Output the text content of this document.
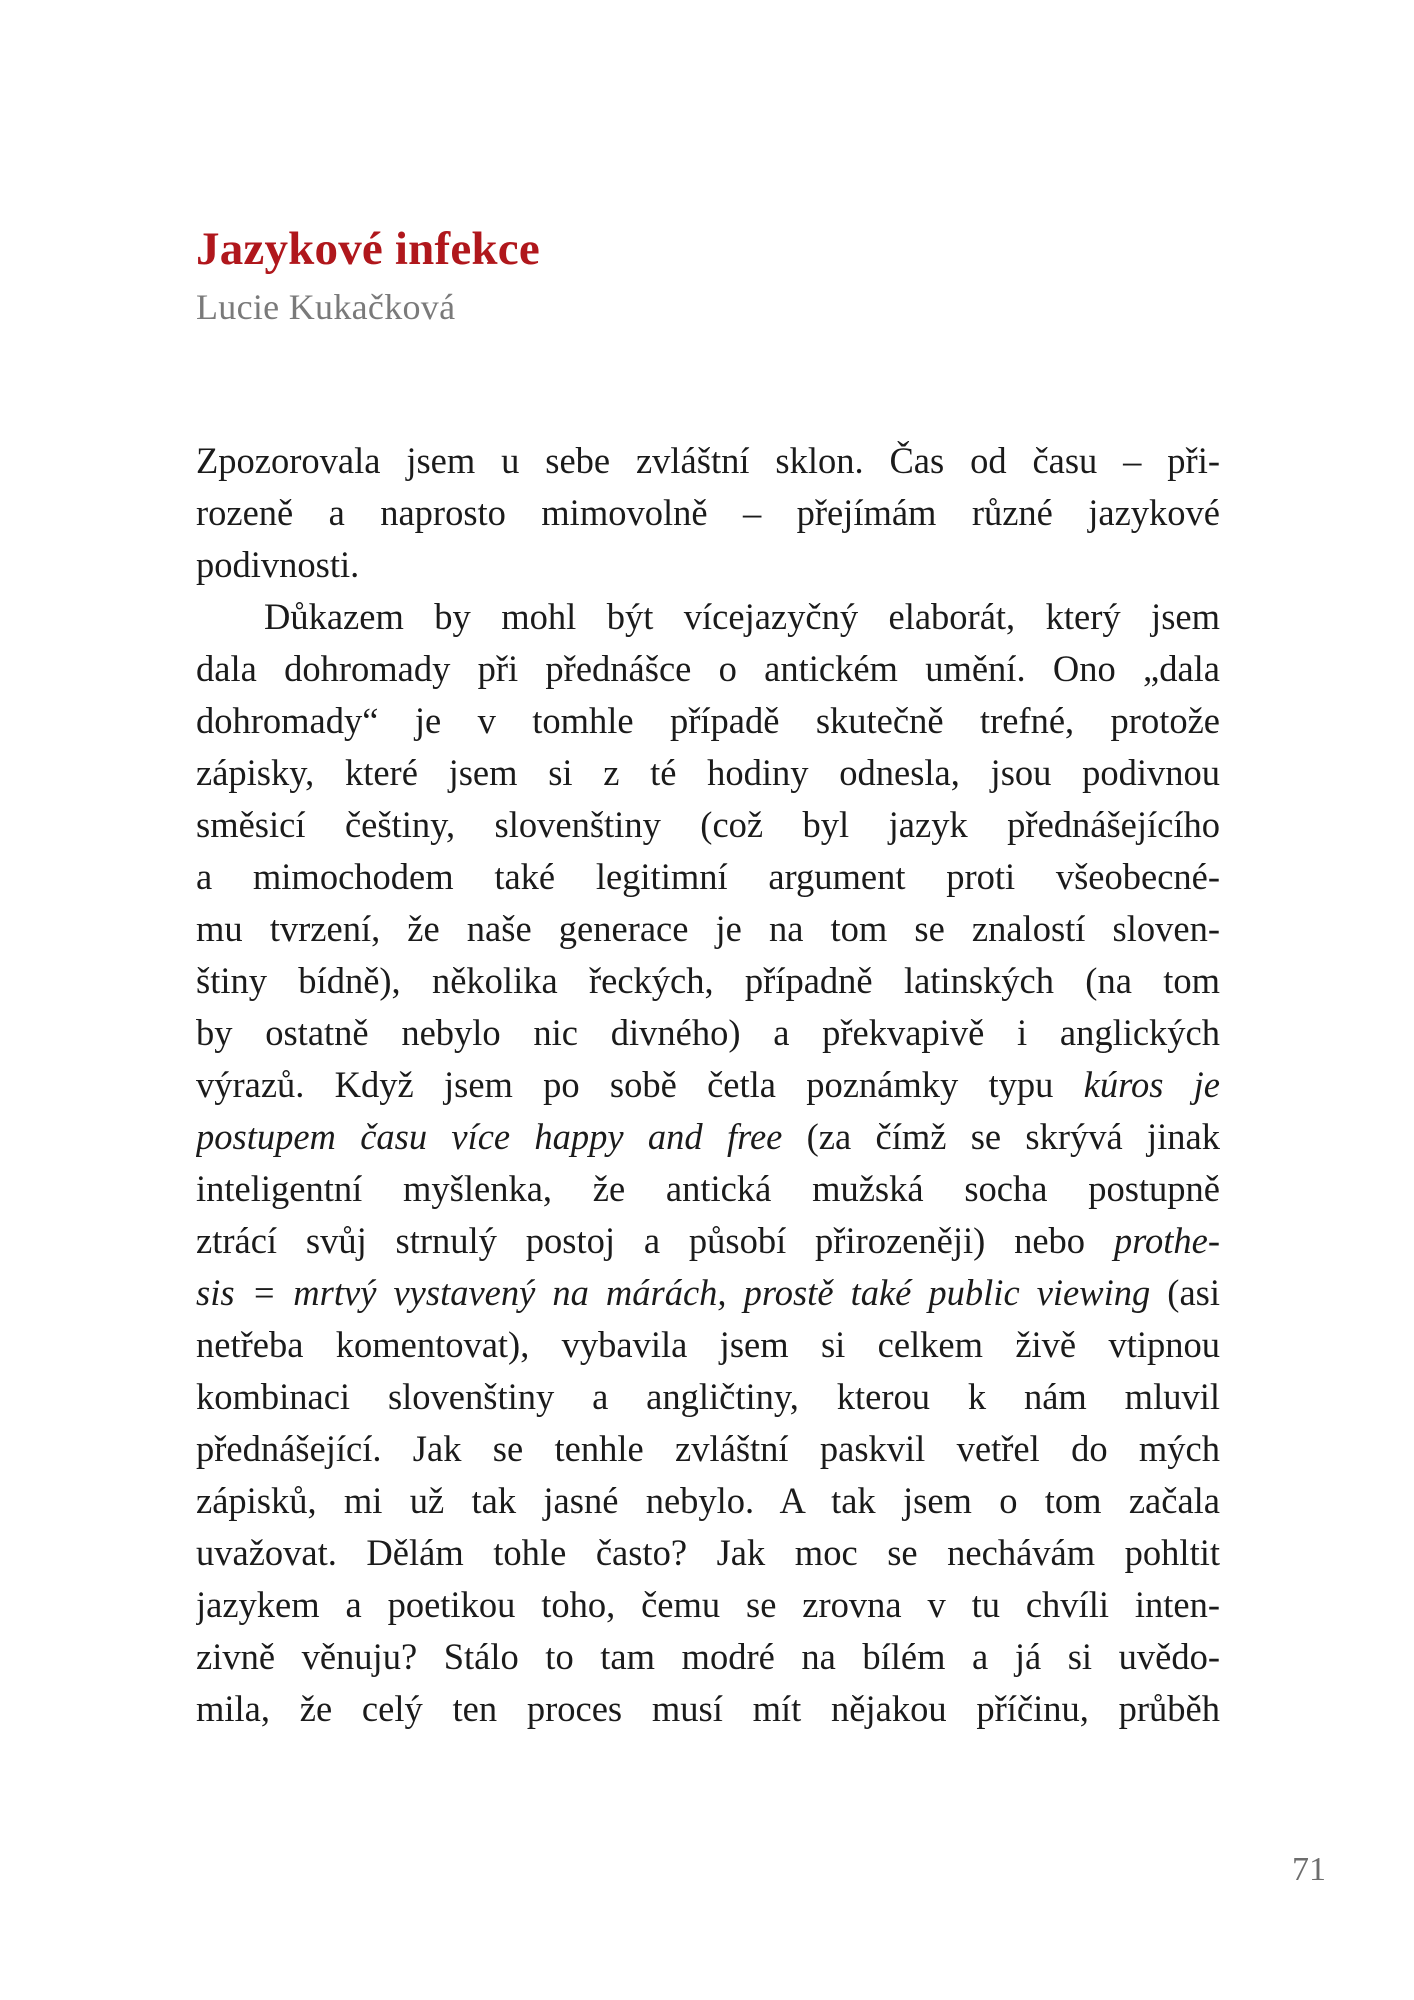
Jazykové infekce

Lucie Kukačková

Zpozorovala jsem u sebe zvláštní sklon. Čas od času – při-
rozeně a naprosto mimovolně – přejímám různé jazykové
podivnosti.
Důkazem by mohl být vícejazyčný elaborát, který jsem
dala dohromady při přednášce o antickém umění. Ono „dala
dohromady“ je v tomhle případě skutečně trefné, protože
zápisky, které jsem si z té hodiny odnesla, jsou podivnou
směsicí češtiny, slovenštiny (což byl jazyk přednášejícího
a mimochodem také legitimní argument proti všeobecné-
mu tvrzení, že naše generace je na tom se znalostí sloven-
štiny bídně), několika řeckých, případně latinských (na tom
by ostatně nebylo nic divného) a překvapivě i anglických
výrazů. Když jsem po sobě četla poznámky typu kúros je
postupem času více happy and free (za čímž se skrývá jinak
inteligentní myšlenka, že antická mužská socha postupně
ztrácí svůj strnulý postoj a působí přirozeněji) nebo prothe-
sis = mrtvý vystavený na márách, prostě také public viewing (asi
netřeba komentovat), vybavila jsem si celkem živě vtipnou
kombinaci slovenštiny a angličtiny, kterou k nám mluvil
přednášející. Jak se tenhle zvláštní paskvil vetřel do mých
zápisků, mi už tak jasné nebylo. A tak jsem o tom začala
uvažovat. Dělám tohle často? Jak moc se nechávám pohltit
jazykem a poetikou toho, čemu se zrovna v tu chvíli inten-
zivně věnuju? Stálo to tam modré na bílém a já si uvědo-
mila, že celý ten proces musí mít nějakou příčinu, průběh
71
